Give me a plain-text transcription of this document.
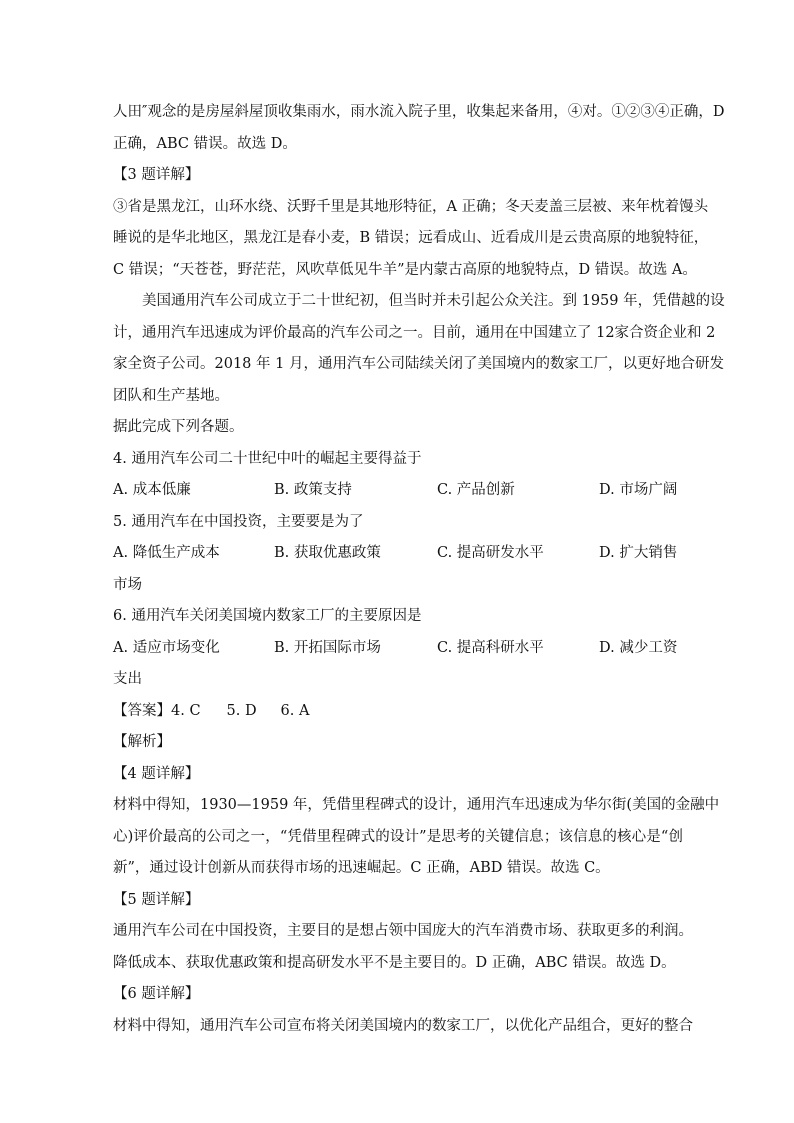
人田″观念的是房屋斜屋顶收集雨水，雨水流入院子里，收集起来备用，④对。①②③④正确，D
正确，ABC 错误。故选 D。
【3 题详解】
③省是黑龙江，山环水绕、沃野千里是其地形特征，A 正确；冬天麦盖三层被、来年枕着馒头
睡说的是华北地区，黑龙江是春小麦，B 错误；远看成山、近看成川是云贵高原的地貌特征，
C 错误；“天苍苍，野茫茫，风吹草低见牛羊”是内蒙古高原的地貌特点，D 错误。故选 A。
美国通用汽车公司成立于二十世纪初，但当时并未引起公众关注。到 1959 年，凭借越的设
计，通用汽车迅速成为评价最高的汽车公司之一。目前，通用在中国建立了 12家合资企业和 2
家全资子公司。2018 年 1 月，通用汽车公司陆续关闭了美国境内的数家工厂，以更好地合研发
团队和生产基地。
据此完成下列各题。
4. 通用汽车公司二十世纪中叶的崛起主要得益于
A. 成本低廉	B. 政策支持	C. 产品创新	D. 市场广阔
5. 通用汽车在中国投资，主要要是为了
A. 降低生产成本	B. 获取优惠政策	C. 提高研发水平	D. 扩大销售
市场
6. 通用汽车关闭美国境内数家工厂的主要原因是
A. 适应市场变化	B. 开拓国际市场	C. 提高科研水平	D. 减少工资
支出
【答案】4. C 5. D	6. A
【解析】
【4 题详解】
材料中得知，1930—1959 年，凭借里程碑式的设计，通用汽车迅速成为华尔街(美国的金融中
心)评价最高的公司之一，“凭借里程碑式的设计”是思考的关键信息；该信息的核心是“创
新”，通过设计创新从而获得市场的迅速崛起。C 正确，ABD 错误。故选 C。
【5 题详解】
通用汽车公司在中国投资，主要目的是想占领中国庞大的汽车消费市场、获取更多的利润。
降低成本、获取优惠政策和提高研发水平不是主要目的。D 正确，ABC 错误。故选 D。
【6 题详解】
材料中得知，通用汽车公司宣布将关闭美国境内的数家工厂，以优化产品组合，更好的整合
